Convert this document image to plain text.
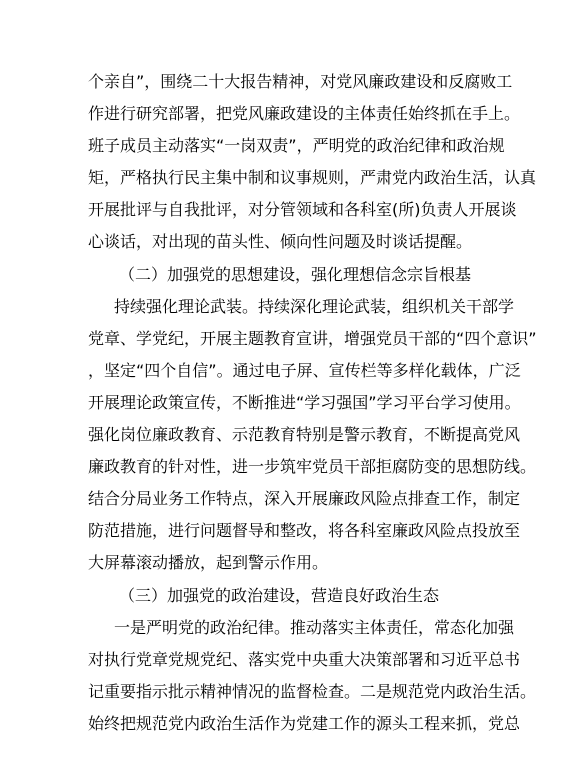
个亲自”，围绕二十大报告精神，对党风廉政建设和反腐败工
作进行研究部署，把党风廉政建设的主体责任始终抓在手上。
班子成员主动落实“一岗双责”，严明党的政治纪律和政治规
矩，严格执行民主集中制和议事规则，严肃党内政治生活，认真
开展批评与自我批评，对分管领域和各科室(所)负责人开展谈
心谈话，对出现的苗头性、倾向性问题及时谈话提醒。
（二）加强党的思想建设，强化理想信念宗旨根基
持续强化理论武装。持续深化理论武装，组织机关干部学
党章、学党纪，开展主题教育宣讲，增强党员干部的“四个意识”
，坚定“四个自信”。通过电子屏、宣传栏等多样化载体，广泛
开展理论政策宣传，不断推进“学习强国”学习平台学习使用。
强化岗位廉政教育、示范教育特别是警示教育，不断提高党风
廉政教育的针对性，进一步筑牢党员干部拒腐防变的思想防线。
结合分局业务工作特点，深入开展廉政风险点排查工作，制定
防范措施，进行问题督导和整改，将各科室廉政风险点投放至
大屏幕滚动播放，起到警示作用。
（三）加强党的政治建设，营造良好政治生态
一是严明党的政治纪律。推动落实主体责任，常态化加强
对执行党章党规党纪、落实党中央重大决策部署和习近平总书
记重要指示批示精神情况的监督检查。二是规范党内政治生活。
始终把规范党内政治生活作为党建工作的源头工程来抓，党总
